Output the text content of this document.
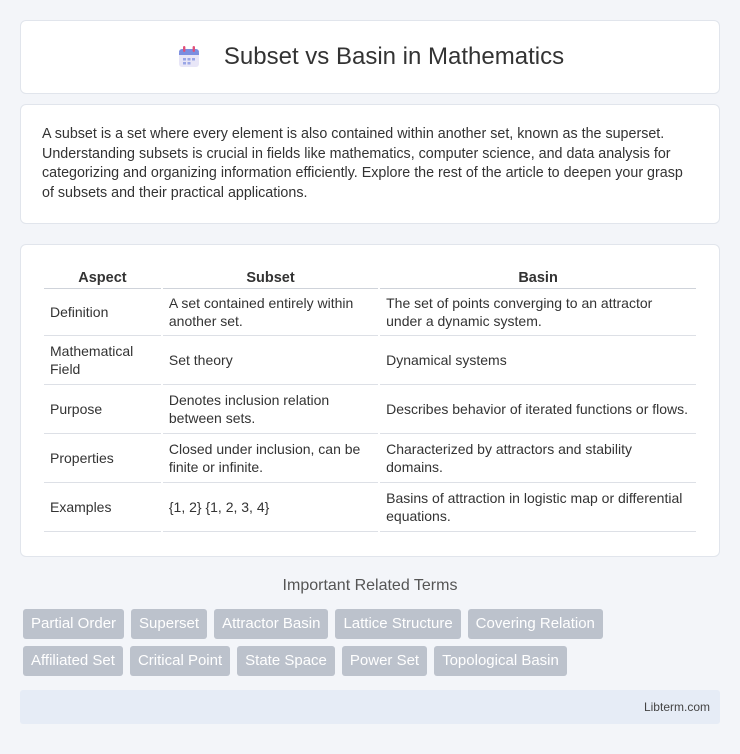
Subset vs Basin in Mathematics

A subset is a set where every element is also contained within another set, known as the superset. Understanding subsets is crucial in fields like mathematics, computer science, and data analysis for categorizing and organizing information efficiently. Explore the rest of the article to deepen your grasp of subsets and their practical applications.

Aspect	Subset	Basin
Definition	A set contained entirely within another set.	The set of points converging to an attractor under a dynamic system.
Mathematical Field	Set theory	Dynamical systems
Purpose	Denotes inclusion relation between sets.	Describes behavior of iterated functions or flows.
Properties	Closed under inclusion, can be finite or infinite.	Characterized by attractors and stability domains.
Examples	{1, 2} {1, 2, 3, 4}	Basins of attraction in logistic map or differential equations.
Important Related Terms
Partial Order	Superset	Attractor Basin	Lattice Structure	Covering Relation
Affiliated Set	Critical Point	State Space	Power Set	Topological Basin
Libterm.com
